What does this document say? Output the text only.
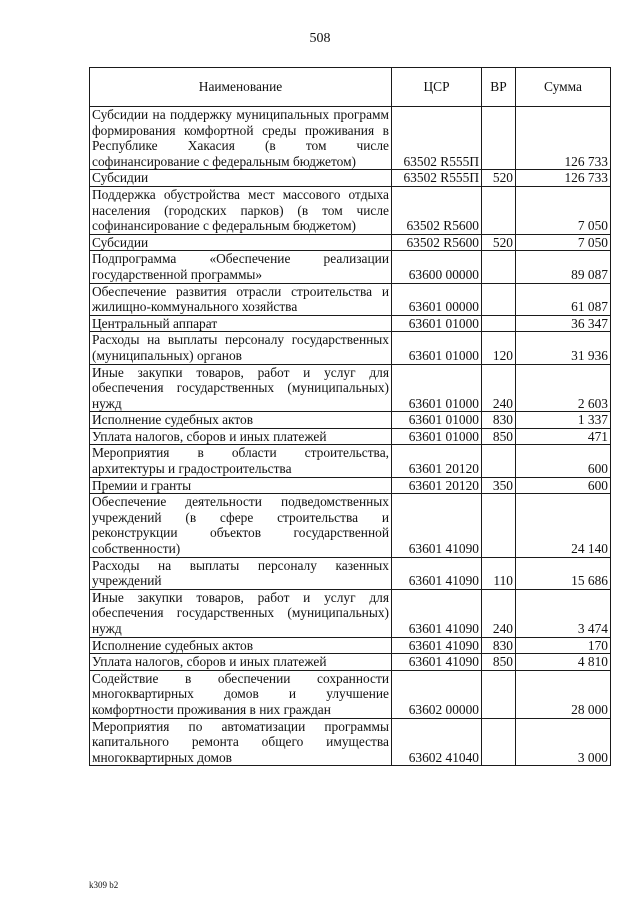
508
Наименование	ЦСР	ВР	Сумма
Субсидии на поддержку муниципальных программ формирования комфортной среды проживания в Республике Хакасия (в том числе софинансирование с федеральным бюджетом)	63502 R555П		126 733
Субсидии	63502 R555П	520	126 733
Поддержка обустройства мест массового отдыха населения (городских парков) (в том числе софинансирование с федеральным бюджетом)	63502 R5600		7 050
Субсидии	63502 R5600	520	7 050
Подпрограмма «Обеспечение реализации государственной программы»	63600 00000		89 087
Обеспечение развития отрасли строительства и жилищно-коммунального хозяйства	63601 00000		61 087
Центральный аппарат	63601 01000		36 347
Расходы на выплаты персоналу государственных (муниципальных) органов	63601 01000	120	31 936
Иные закупки товаров, работ и услуг для обеспечения государственных (муниципальных) нужд	63601 01000	240	2 603
Исполнение судебных актов	63601 01000	830	1 337
Уплата налогов, сборов и иных платежей	63601 01000	850	471
Мероприятия в области строительства, архитектуры и градостроительства	63601 20120		600
Премии и гранты	63601 20120	350	600
Обеспечение деятельности подведомственных учреждений (в сфере строительства и реконструкции объектов государственной собственности)	63601 41090		24 140
Расходы на выплаты персоналу казенных учреждений	63601 41090	110	15 686
Иные закупки товаров, работ и услуг для обеспечения государственных (муниципальных) нужд	63601 41090	240	3 474
Исполнение судебных актов	63601 41090	830	170
Уплата налогов, сборов и иных платежей	63601 41090	850	4 810
Содействие в обеспечении сохранности многоквартирных домов и улучшение комфортности проживания в них граждан	63602 00000		28 000
Мероприятия по автоматизации программы капитального ремонта общего имущества многоквартирных домов	63602 41040		3 000
k309 b2
